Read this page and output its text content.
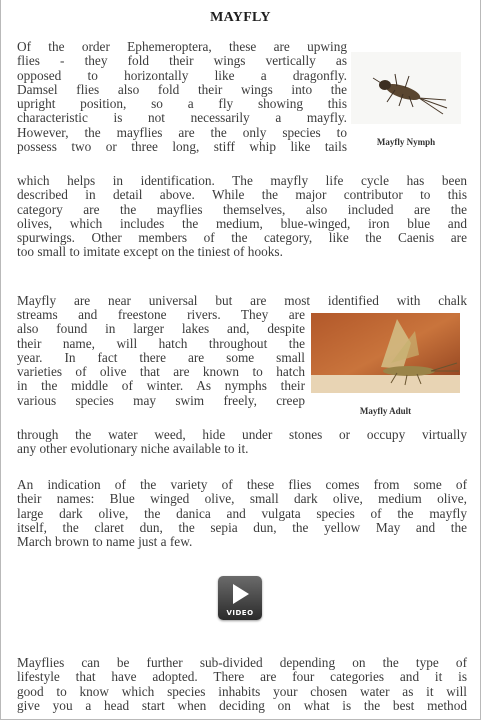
MAYFLY
Of the order Ephemeroptera, these are upwing
flies - they fold their wings vertically as
opposed to horizontally like a dragonfly.
Damsel flies also fold their wings into the
upright position, so a fly showing this
characteristic is not necessarily a mayfly.
However, the mayflies are the only species to
possess two or three long, stiff whip like tails
which helps in identification. The mayfly life cycle has been
described in detail above. While the major contributor to this
category are the mayflies themselves, also included are the
olives, which includes the medium, blue-winged, iron blue and
spurwings. Other members of the category, like the Caenis are
too small to imitate except on the tiniest of hooks.
Mayfly Nymph
Mayfly are near universal but are most identified with chalk
streams and freestone rivers. They are
also found in larger lakes and, despite
their name, will hatch throughout the
year. In fact there are some small
varieties of olive that are known to hatch
in the middle of winter. As nymphs their
various species may swim freely, creep
through the water weed, hide under stones or occupy virtually
any other evolutionary niche available to it.
Mayfly Adult
An indication of the variety of these flies comes from some of
their names: Blue winged olive, small dark olive, medium olive,
large dark olive, the danica and vulgata species of the mayfly
itself, the claret dun, the sepia dun, the yellow May and the
March brown to name just a few.
VIDEO
Mayflies can be further sub-divided depending on the type of
lifestyle that have adopted. There are four categories and it is
good to know which species inhabits your chosen water as it will
give you a head start when deciding on what is the best method
